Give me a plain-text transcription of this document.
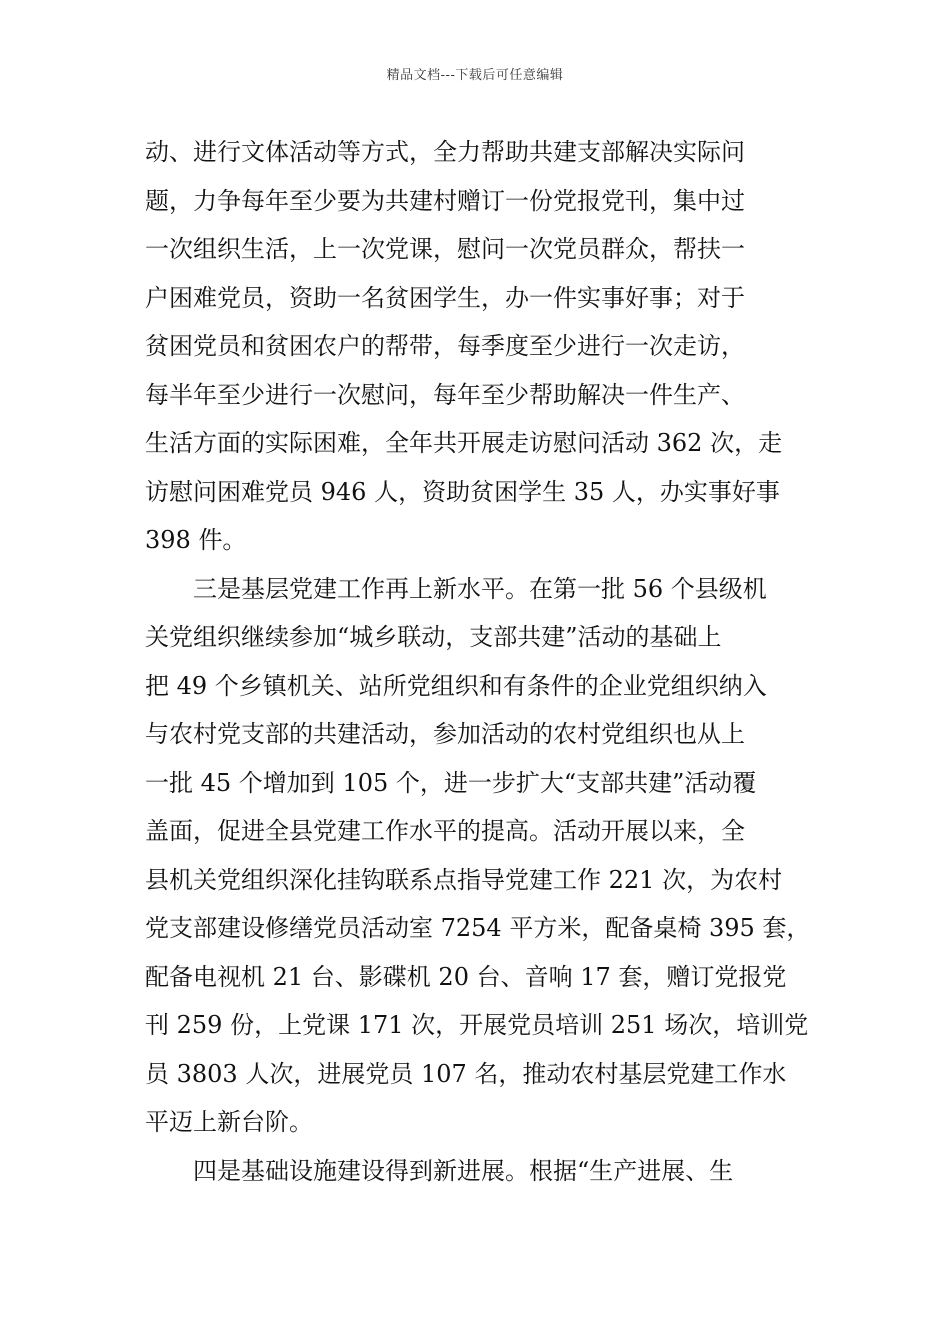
精品文档---下载后可任意编辑
动、进行文体活动等方式，全力帮助共建支部解决实际问
题，力争每年至少要为共建村赠订一份党报党刊，集中过
一次组织生活，上一次党课，慰问一次党员群众，帮扶一
户困难党员，资助一名贫困学生，办一件实事好事；对于
贫困党员和贫困农户的帮带，每季度至少进行一次走访，
每半年至少进行一次慰问，每年至少帮助解决一件生产、
生活方面的实际困难，全年共开展走访慰问活动 362 次，走
访慰问困难党员 946 人，资助贫困学生 35 人，办实事好事
398 件。
三是基层党建工作再上新水平。在第一批 56 个县级机
关党组织继续参加“城乡联动，支部共建”活动的基础上
把 49 个乡镇机关、站所党组织和有条件的企业党组织纳入
与农村党支部的共建活动，参加活动的农村党组织也从上
一批 45 个增加到 105 个，进一步扩大“支部共建”活动覆
盖面，促进全县党建工作水平的提高。活动开展以来，全
县机关党组织深化挂钩联系点指导党建工作 221 次，为农村
党支部建设修缮党员活动室 7254 平方米，配备桌椅 395 套，
配备电视机 21 台、影碟机 20 台、音响 17 套，赠订党报党
刊 259 份，上党课 171 次，开展党员培训 251 场次，培训党
员 3803 人次，进展党员 107 名，推动农村基层党建工作水
平迈上新台阶。
四是基础设施建设得到新进展。根据“生产进展、生
